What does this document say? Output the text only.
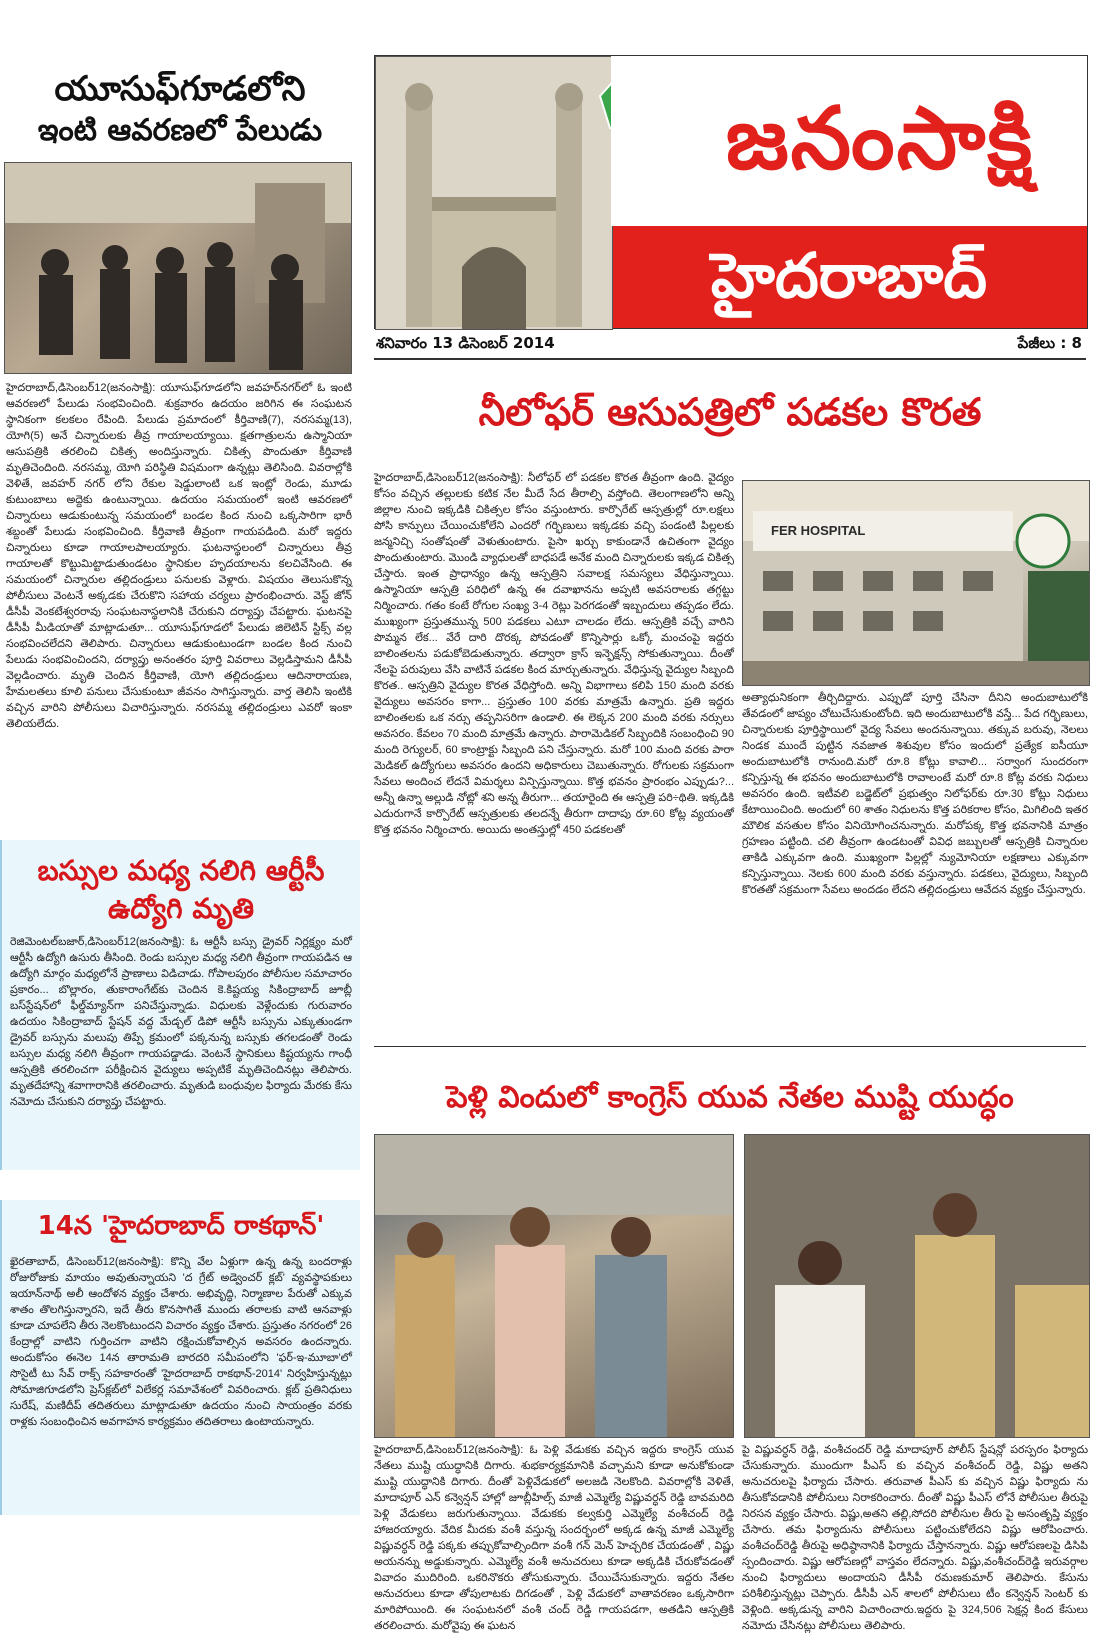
యూసుఫ్‌గూడలోని
ఇంటి ఆవరణలో పేలుడు
హైదరాబాద్,డిసెంబర్12(జనంసాక్షి): యూసుఫ్‌గూడలోని జవహర్‌నగర్‌లో ఓ ఇంటి ఆవరణలో పేలుడు సంభవించింది. శుక్రవారం ఉదయం జరిగిన ఈ సంఘటన స్థానికంగా కలకలం రేపింది. పేలుడు ప్రమాదంలో కీర్తివాణి(7), నరసమ్మ(13), యోగి(5) అనే చిన్నారులకు తీవ్ర గాయాలయ్యాయి. క్షతగాత్రులను ఉస్మానియా ఆసుపత్రికి తరలించి చికిత్స అందిస్తున్నారు. చికిత్స పొందుతూ కీర్తివాణి మృతిచెందింది. నరసమ్మ, యోగి పరిస్థితి విషమంగా ఉన్నట్లు తెలిసింది. వివరాల్లోకి వెళితే, జవహర్ నగర్ లోని రేకుల షెడ్డులాంటి ఒక ఇంట్లో రెండు, మూడు కుటుంబాలు అద్దెకు ఉంటున్నాయి. ఉదయం సమయంలో ఇంటి ఆవరణలో చిన్నారులు ఆడుకుంటున్న సమయంలో బండల కింద నుంచి ఒక్కసారిగా భారీ శబ్దంతో పేలుడు సంభవించింది. కీర్తివాణి తీవ్రంగా గాయపడింది. మరో ఇద్దరు చిన్నారులు కూడా గాయాలపాలయ్యారు. ఘటనాస్థలంలో చిన్నారులు తీవ్ర గాయాలతో కొట్టుమిట్టాడుతుండటం స్థానికుల హృదయాలను కలచివేసింది. ఈ సమయంలో చిన్నారుల తల్లిదండ్రులు పనులకు వెళ్లారు. విషయం తెలుసుకొన్న పోలీసులు వెంటనే అక్కడకు చేరుకొని సహాయ చర్యలు ప్రారంభించారు. వెస్ట్ జోన్ డీసీపీ వెంకటేశ్వరరావు సంఘటనాస్థలానికి చేరుకుని దర్యాప్తు చేపట్టారు. ఘటనపై డీసీపీ మీడియాతో మాట్లాడుతూ... యూసుఫ్‌గూడలో పేలుడు జిలెటిన్ స్టిక్స్ వల్ల సంభవించలేదని తెలిపారు. చిన్నారులు ఆడుకుంటుండగా బండల కింద నుంచి పేలుడు సంభవించిందని, దర్యాప్తు అనంతరం పూర్తి వివరాలు వెల్లడిస్తామని డీసీపీ వెల్లడించారు. మృతి చెందిన కీర్తివాణి, యోగి తల్లిదండ్రులు ఆదినారాయణ, హేమలతలు కూలి పనులు చేసుకుంటూ జీవనం సాగిస్తున్నారు. వార్త తెలిసి ఇంటికి వచ్చిన వారిని పోలీసులు విచారిస్తున్నారు. నరసమ్మ తల్లిదండ్రులు ఎవరో ఇంకా తెలియలేదు.
బస్సుల మధ్య నలిగి ఆర్టీసీ
ఉద్యోగి మృతి
రెజిమెంటల్‌బజార్,డిసెంబర్12(జనంసాక్షి): ఓ ఆర్టీసీ బస్సు డ్రైవర్ నిర్లక్ష్యం మరో ఆర్టీసీ ఉద్యోగి ఉసురు తీసింది. రెండు బస్సుల మధ్య నలిగి తీవ్రంగా గాయపడిన ఆ ఉద్యోగి మార్గం మధ్యలోనే ప్రాణాలు విడిచాడు. గోపాలపురం పోలీసుల సమాచారం ప్రకారం... బొల్లారం, తుకారాంగేట్‌కు చెందిన కె.కిష్టయ్య సికింద్రాబాద్ జూబ్లీ బస్‌స్టేషన్‌లో ఫీల్డ్‌మ్యాన్‌గా పనిచేస్తున్నాడు. విధులకు వెళ్లేందుకు గురువారం ఉదయం సికింద్రాబాద్ స్టేషన్ వద్ద మేడ్చల్ డిపో ఆర్టీసీ బస్సును ఎక్కుతుండగా డ్రైవర్ బస్సును మలుపు తిప్పే క్రమంలో పక్కనున్న బస్సుకు తగలడంతో రెండు బస్సుల మధ్య నలిగి తీవ్రంగా గాయపడ్డాడు. వెంటనే స్థానికులు కిష్టయ్యను గాంధీ ఆస్పత్రికి తరలించగా పరీక్షించిన వైద్యులు అప్పటికే మృతిచెందినట్లు తెలిపారు. మృతదేహాన్ని శవాగారానికి తరలించారు. మృతుడి బంధువుల ఫిర్యాదు మేరకు కేసు నమోదు చేసుకుని దర్యాప్తు చేపట్టారు.
14న 'హైదరాబాద్ రాకథాన్'
ఖైరతాబాద్, డిసెంబర్12(జనంసాక్షి): కొన్ని వేల ఏళ్లుగా ఉన్న ఉన్న బందరాళ్లు రోజురోజుకు మాయం అవుతున్నాయని 'ద గ్రేట్ అడ్వెంచర్ క్లబ్' వ్యవస్థాపకులు ఇయాన్‌నాథ్ అలీ ఆందోళన వ్యక్తం చేశారు. అభివృద్ధి, నిర్మాణాల పేరుతో ఎక్కువ శాతం తొలగిస్తున్నారని, ఇదే తీరు కొనసాగితే ముందు తరాలకు వాటి ఆనవాళ్లు కూడా చూపలేని తీరు నెలకొంటుందని విచారం వ్యక్తం చేశారు. ప్రస్తుతం నగరంలో 26 కేంద్రాల్లో వాటిని గుర్తించగా వాటిని రక్షించుకోవాల్సిన అవసరం ఉందన్నారు. అందుకోసం ఈనెల 14న తారామతి బారదరి సమీపంలోని 'ఫర్-ఇ-మూబా'లో సొసైటీ టు సేవ్ రాక్స్ సహకారంతో 'హైదరాబాద్ రాకథాన్-2014' నిర్వహిస్తున్నట్లు సోమాజిగూడలోని ప్రెస్‌క్లబ్‌లో విలేకర్ల సమావేశంలో వివరించారు. క్లబ్ ప్రతినిధులు సురేష్, మణిదీప్ తదితరులు మాట్లాడుతూ ఉదయం నుంచి సాయంత్రం వరకు రాళ్లకు సంబంధించిన అవగాహన కార్యక్రమం తదితరాలు ఉంటాయన్నారు.
జనంసాక్షి
హైదరాబాద్
శనివారం 13 డిసెంబర్ 2014	పేజీలు : 8
నీలోఫర్ ఆసుపత్రిలో పడకల కొరత
హైదరాబాద్,డిసెంబర్12(జనంసాక్షి): నీలోఫర్ లో పడకల కొరత తీవ్రంగా ఉంది. వైద్యం కోసం వచ్చిన తల్లులకు కటిక నేల మీదే సేద తీరాల్సి వస్తోంది. తెలంగాణలోని అన్ని జిల్లాల నుంచి ఇక్కడికి చికిత్సల కోసం వస్తుంటారు. కార్పొరేట్ ఆస్పత్రుల్లో రూ.లక్షలు పోసి కాన్పులు చేయించుకోలేని ఎందరో గర్భిణులు ఇక్కడకు వచ్చి పండంటి పిల్లలకు జన్మనిచ్చి సంతోషంతో వెళుతుంటారు. పైసా ఖర్చు కాకుండానే ఉచితంగా వైద్యం పొందుతుంటారు. మొండి వ్యాధులతో బాధపడే అనేక మంది చిన్నారులకు ఇక్కడ చికిత్స చేస్తారు. ఇంత ప్రాధాన్యం ఉన్న ఆస్పత్రిని సవాలక్ష సమస్యలు వేధిస్తున్నాయి. ఉస్మానియా ఆస్పత్రి పరిధిలో ఉన్న ఈ దవాఖానను అప్పటి అవసరాలకు తగ్గట్టు నిర్మించారు. గతం కంటే రోగుల సంఖ్య 3-4 రెట్లు పెరగడంతో ఇబ్బందులు తప్పడం లేదు. ముఖ్యంగా ప్రస్తుతమున్న 500 పడకలు ఎటూ చాలడం లేదు. ఆస్పత్రికి వచ్చే వారిని పొమ్మన లేక... వేరే దారి దొరక్క పోవడంతో కొన్నిసార్లు ఒక్కో మంచంపై ఇద్దరు బాలింతలను పడుకోబెడుతున్నారు. తద్వారా క్రాస్ ఇన్ఫెక్షన్స్ సోకుతున్నాయి. దీంతో నేలపై పరుపులు వేసి వాటినే పడకల కింద మార్చుతున్నారు. వేధిస్తున్న వైద్యుల సిబ్బంది కొరత.. ఆస్పత్రిని వైద్యుల కొరత వేధిస్తోంది. అన్ని విభాగాలు కలిపి 150 మంది వరకు వైద్యులు అవసరం కాగా... ప్రస్తుతం 100 వరకు మాత్రమే ఉన్నారు. ప్రతి ఇద్దరు బాలింతలకు ఒక నర్సు తప్పనిసరిగా ఉండాలి. ఈ లెక్కన 200 మంది వరకు నర్సులు అవసరం. కేవలం 70 మంది మాత్రమే ఉన్నారు. పారామెడికల్ సిబ్బందికి సంబంధించి 90 మంది రెగ్యులర్, 60 కాంట్రాక్టు సిబ్బంది పని చేస్తున్నారు. మరో 100 మంది వరకు పారా మెడికల్ ఉద్యోగులు అవసరం ఉందని అధికారులు చెబుతున్నారు. రోగులకు సక్రమంగా సేవలు అందించ లేదనే విమర్శలు విన్పిస్తున్నాయి. కొత్త భవనం ప్రారంభం ఎప్పుడు?... అన్నీ ఉన్నా అల్లుడి నోట్లో శని అన్న తీరుగా... తయారైంది ఈ ఆస్పత్రి పరి÷థితి. ఇక్కడికి ఎదురుగానే కార్పొరేట్ ఆస్పత్రులకు తలదన్నే తీరుగా దాదాపు రూ.60 కోట్ల వ్యయంతో కొత్త భవనం నిర్మించారు. అయిదు అంతస్తుల్లో 450 పడకలతో
FER HOSPITAL
అత్యాధునికంగా తీర్చిదిద్దారు. ఎప్పుడో పూర్తి చేసినా దీనిని అందుబాటులోకి తేవడంలో జాప్యం చోటుచేసుకుంటోంది. ఇది అందుబాటులోకి వస్తే... పేద గర్భిణులు, చిన్నారులకు పూర్తిస్థాయిలో వైద్య సేవలు అందనున్నాయి. తక్కువ బరువు, నెలలు నిండక ముందే పుట్టిన నవజాత శిశువుల కోసం ఇందులో ప్రత్యేక ఐసీయూ అందుబాటులోకి రానుంది.మరో రూ.8 కోట్లు కావాలి... సర్వాంగ సుందరంగా కన్పిస్తున్న ఈ భవనం అందుబాటులోకి రావాలంటే మరో రూ.8 కోట్ల వరకు నిధులు అవసరం ఉంది. ఇటీవలి బడ్జెట్‌లో ప్రభుత్వం నిలోఫర్‌కు రూ.30 కోట్లు నిధులు కేటాయించింది. అందులో 60 శాతం నిధులను కొత్త పరికరాల కోసం, మిగిలింది ఇతర మౌలిక వసతుల కోసం వినియోగించనున్నారు. మరోపక్క కొత్త భవనానికి మాత్రం గ్రహణం పట్టింది. చలి తీవ్రంగా ఉండటంతో వివిధ జబ్బులతో ఆస్పత్రికి చిన్నారుల తాకిడి ఎక్కువగా ఉంది. ముఖ్యంగా పిల్లల్లో న్యుమోనియా లక్షణాలు ఎక్కువగా కన్పిస్తున్నాయి. నెలకు 600 మంది వరకు వస్తున్నారు. పడకలు, వైద్యులు, సిబ్బంది కొరతతో సక్రమంగా సేవలు అందడం లేదని తల్లిదండ్రులు ఆవేదన వ్యక్తం చేస్తున్నారు.
పెళ్లి విందులో కాంగ్రెస్ యువ నేతల ముష్టి యుద్ధం
హైదరాబాద్,డిసెంబర్12(జనంసాక్షి): ఓ పెళ్లి వేడుకకు వచ్చిన ఇద్దరు కాంగ్రెస్ యువ నేతలు ముష్టి యుద్ధానికి దిగారు. శుభకార్యక్రమానికి వచ్చామని కూడా అనుకోకుండా ముష్టి యుద్ధానికి దిగారు. దీంతో పెళ్లివేడుకలో అలజడి నెలకొంది. వివరాల్లోకి వెళితే, మాదాపూర్ ఎన్ కన్వెన్షన్ హాల్లో జూబ్లీహిల్స్ మాజీ ఎమ్మెల్యే విష్ణువర్ధన్ రెడ్డి బావమరిది పెళ్లి వేడుకలు జరుగుతున్నాయి. వేడుకకు కల్వకుర్తి ఎమ్మెల్యే వంశీచంద్ రెడ్డి హాజరయ్యారు. వేదిక మీదకు వంశీ వస్తున్న సందర్భంలో అక్కడ ఉన్న మాజీ ఎమ్మెల్యే విష్ణువర్ధన్ రెడ్డి పక్కకు తప్పుకోవాల్సిందిగా వంశీ గన్ మెన్ హెచ్చరిక చేయడంతో , విష్ణు అయనన్ను అడ్డుకున్నారు. ఎమ్మెల్యే వంశీ అనుచరులు కూడా అక్కడికి చేరుకోవడంతో వివాదం ముదిరింది. ఒకరినొకరు తోసుకున్నారు. చేయిచేసుకున్నారు. ఇద్దరు నేతల అనుచరులు కూడా తోపులాటకు దిగడంతో , పెళ్లి వేడుకలో వాతావరణం ఒక్కసారిగా మారిపోయింది. ఈ సంఘటనలో వంశీ చంద్ రెడ్డి గాయపడగా, అతడిని ఆస్పత్రికి తరలించారు. మరోవైపు ఈ ఘటన
పై విష్ణువర్ధన్ రెడ్డి, వంశీచందర్ రెడ్డి మాదాపూర్ పోలీస్ స్టేషన్లో పరస్పరం ఫిర్యాదు చేసుకున్నారు. ముందుగా పీఎస్ కు వచ్చిన వంశీచంద్ రెడ్డి, విష్ణు అతని అనుచరులపై ఫిర్యాదు చేసారు. తరువాత పీఎస్ కు వచ్చిన విష్ణు ఫిర్యాదు ను తీసుకోవడానికి పోలీసులు నిరాకరించారు. దీంతో విష్ణు పీఎస్ లోనే పోలీసుల తీరుపై నిరసన వ్యక్తం చేసారు. విష్ణు,అతని తల్లి,సోదరి పోలీసుల తీరు పై అసంతృప్తి వ్యక్తం చేసారు. తమ ఫిర్యాదును పోలీసులు పట్టించుకోలేదని విష్ణు ఆరోపించారు. వంశీచంద్‌రెడ్డి తీరుపై అధిష్ఠానానికి ఫిర్యాదు చేస్తానన్నారు. విష్ణు ఆరోపణలపై డిసిపి స్పందించారు. విష్ణు ఆరోపణల్లో వాస్తవం లేదన్నారు. విష్ణు,వంశీచంద్‌రెడ్డి ఇరువర్గాల నుంచి ఫిర్యాదులు అందాయని డీసీపీ రమణకుమార్ తెలిపారు. కేసును పరిశీలిస్తున్నట్లు చెప్పారు. డీసీపీ ఎన్ శాలలో పోలీసులు టీం కన్వెన్షన్ సెంటర్ కు వెళ్లింది. అక్కడున్న వారిని విచారించారు.ఇద్దరు పై 324,506 సెక్షన్ల కింద కేసులు నమోదు చేసినట్లు పోలీసులు తెలిపారు.
